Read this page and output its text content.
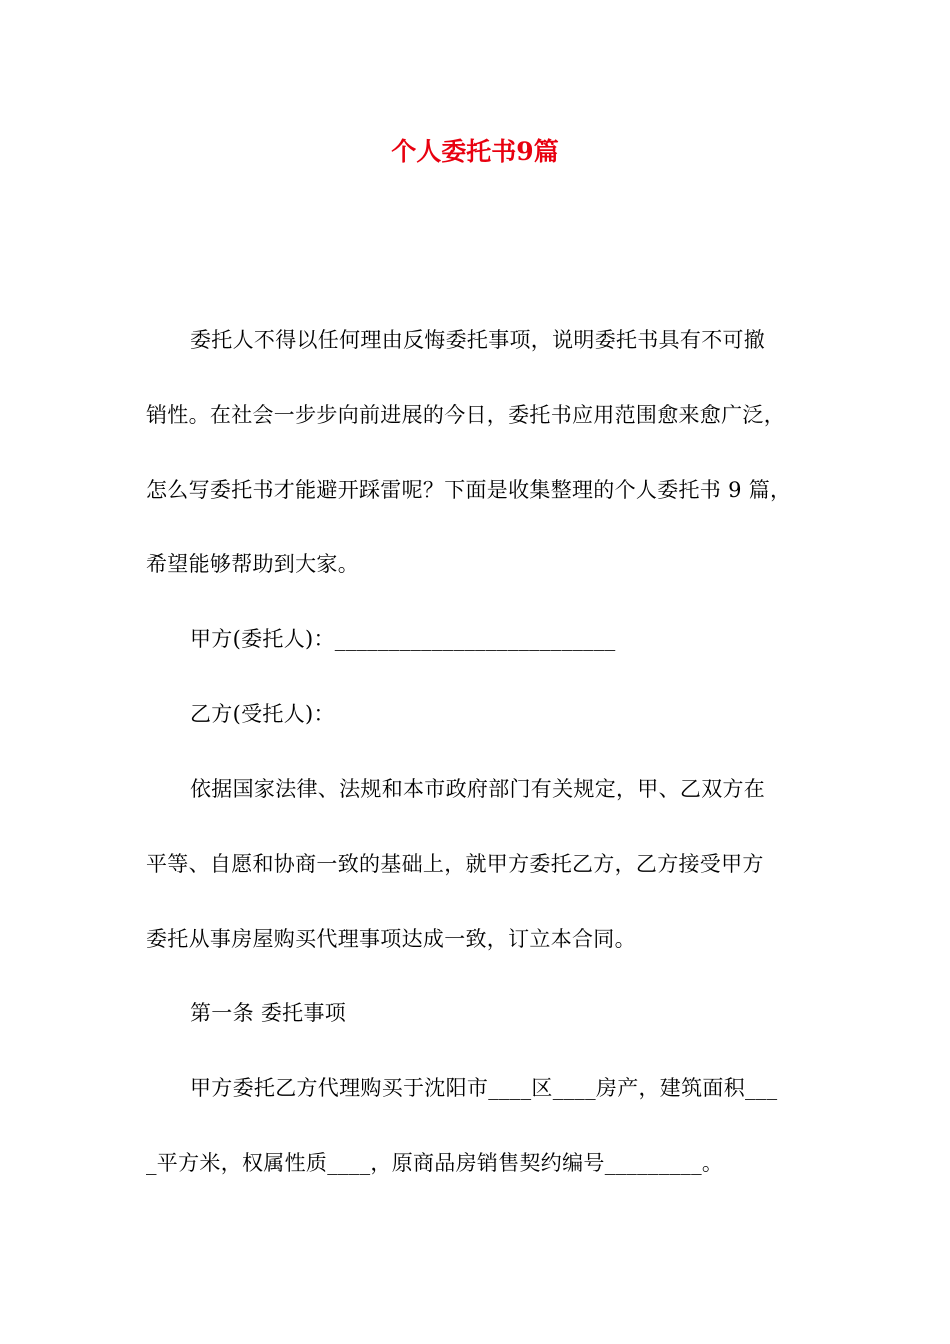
个人委托书9篇

委托人不得以任何理由反悔委托事项，说明委托书具有不可撤

销性。在社会一步步向前进展的今日，委托书应用范围愈来愈广泛，

怎么写委托书才能避开踩雷呢？下面是收集整理的个人委托书 9 篇，

希望能够帮助到大家。

甲方(委托人)：__________________________

乙方(受托人)：

依据国家法律、法规和本市政府部门有关规定，甲、乙双方在

平等、自愿和协商一致的基础上，就甲方委托乙方，乙方接受甲方

委托从事房屋购买代理事项达成一致，订立本合同。

第一条 委托事项

甲方委托乙方代理购买于沈阳市____区____房产，建筑面积___

_平方米，权属性质____，原商品房销售契约编号_________。
